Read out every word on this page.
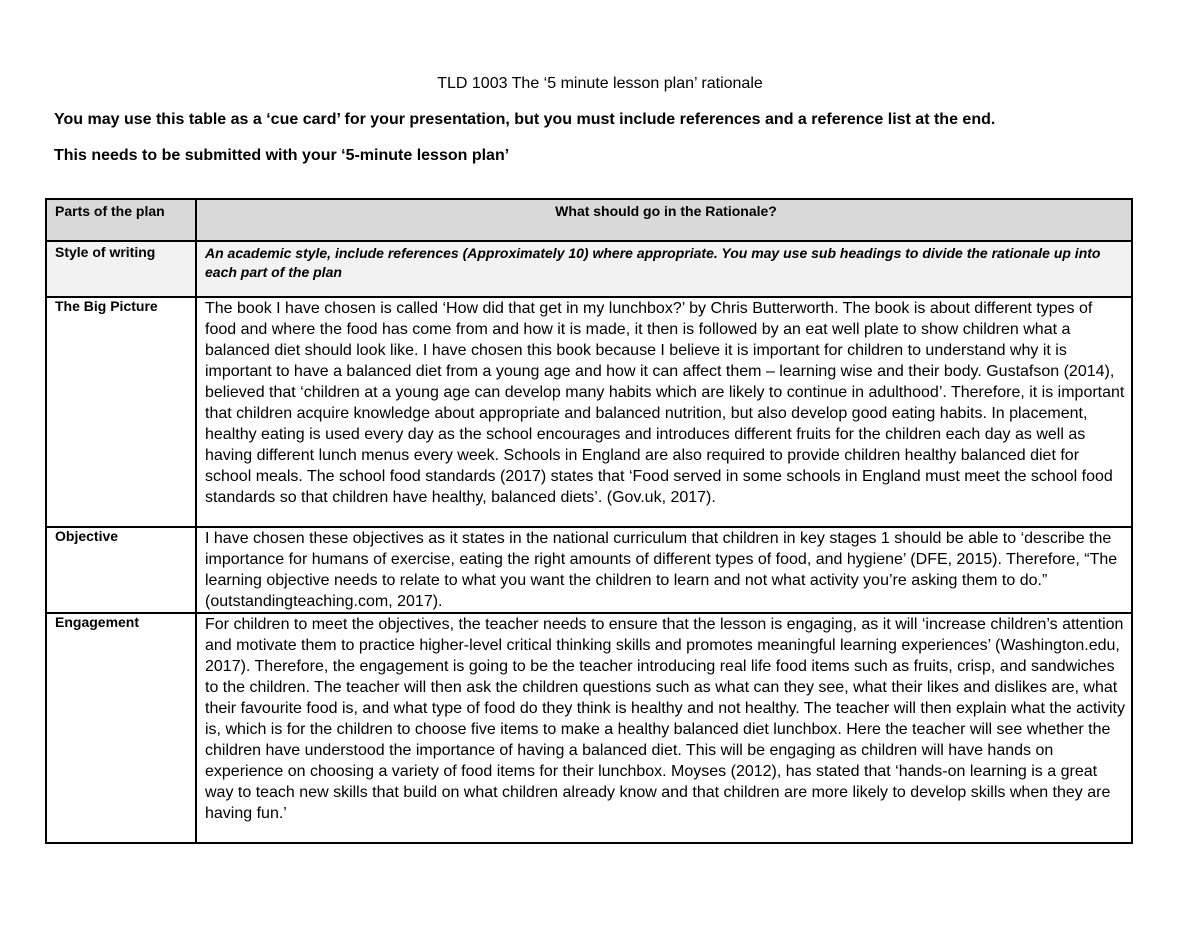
TLD 1003 The ‘5 minute lesson plan’ rationale
You may use this table as a ‘cue card’ for your presentation, but you must include references and a reference list at the end.
This needs to be submitted with your ‘5-minute lesson plan’
Parts of the plan	What should go in the Rationale?
Style of writing	An academic style, include references (Approximately 10) where appropriate. You may use sub headings to divide the rationale up into each part of the plan
The Big Picture	The book I have chosen is called ‘How did that get in my lunchbox?’ by Chris Butterworth. The book is about different types of food and where the food has come from and how it is made, it then is followed by an eat well plate to show children what a balanced diet should look like. I have chosen this book because I believe it is important for children to understand why it is important to have a balanced diet from a young age and how it can affect them – learning wise and their body. Gustafson (2014), believed that ‘children at a young age can develop many habits which are likely to continue in adulthood’. Therefore, it is important that children acquire knowledge about appropriate and balanced nutrition, but also develop good eating habits. In placement, healthy eating is used every day as the school encourages and introduces different fruits for the children each day as well as having different lunch menus every week. Schools in England are also required to provide children healthy balanced diet for school meals. The school food standards (2017) states that ‘Food served in some schools in England must meet the school food standards so that children have healthy, balanced diets’. (Gov.uk, 2017).
Objective	I have chosen these objectives as it states in the national curriculum that children in key stages 1 should be able to ‘describe the importance for humans of exercise, eating the right amounts of different types of food, and hygiene’ (DFE, 2015). Therefore, “The learning objective needs to relate to what you want the children to learn and not what activity you’re asking them to do.” (outstandingteaching.com, 2017).
Engagement	For children to meet the objectives, the teacher needs to ensure that the lesson is engaging, as it will ‘increase children’s attention and motivate them to practice higher-level critical thinking skills and promotes meaningful learning experiences’ (Washington.edu, 2017). Therefore, the engagement is going to be the teacher introducing real life food items such as fruits, crisp, and sandwiches to the children. The teacher will then ask the children questions such as what can they see, what their likes and dislikes are, what their favourite food is, and what type of food do they think is healthy and not healthy. The teacher will then explain what the activity is, which is for the children to choose five items to make a healthy balanced diet lunchbox. Here the teacher will see whether the children have understood the importance of having a balanced diet. This will be engaging as children will have hands on experience on choosing a variety of food items for their lunchbox. Moyses (2012), has stated that ‘hands-on learning is a great way to teach new skills that build on what children already know and that children are more likely to develop skills when they are having fun.’
